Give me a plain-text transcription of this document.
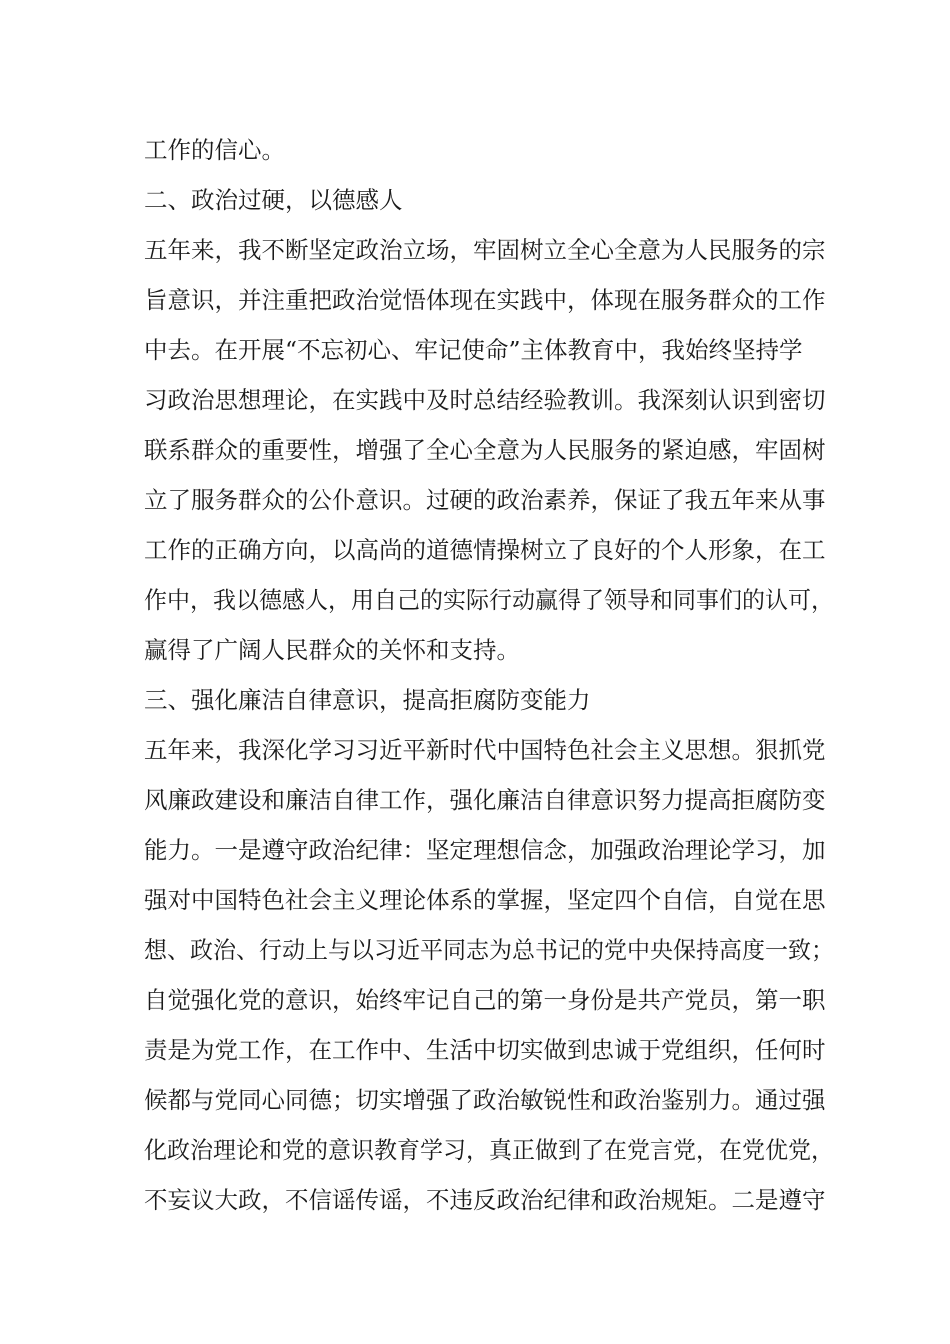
工作的信心。
二、政治过硬，以德感人
五年来，我不断坚定政治立场，牢固树立全心全意为人民服务的宗
旨意识，并注重把政治觉悟体现在实践中，体现在服务群众的工作
中去。在开展“不忘初心、牢记使命”主体教育中，我始终坚持学
习政治思想理论，在实践中及时总结经验教训。我深刻认识到密切
联系群众的重要性，增强了全心全意为人民服务的紧迫感，牢固树
立了服务群众的公仆意识。过硬的政治素养，保证了我五年来从事
工作的正确方向，以高尚的道德情操树立了良好的个人形象，在工
作中，我以德感人，用自己的实际行动赢得了领导和同事们的认可，
赢得了广阔人民群众的关怀和支持。
三、强化廉洁自律意识，提高拒腐防变能力
五年来，我深化学习习近平新时代中国特色社会主义思想。狠抓党
风廉政建设和廉洁自律工作，强化廉洁自律意识努力提高拒腐防变
能力。一是遵守政治纪律：坚定理想信念，加强政治理论学习，加
强对中国特色社会主义理论体系的掌握，坚定四个自信，自觉在思
想、政治、行动上与以习近平同志为总书记的党中央保持高度一致；
自觉强化党的意识，始终牢记自己的第一身份是共产党员，第一职
责是为党工作，在工作中、生活中切实做到忠诚于党组织，任何时
候都与党同心同德；切实增强了政治敏锐性和政治鉴别力。通过强
化政治理论和党的意识教育学习，真正做到了在党言党，在党优党，
不妄议大政，不信谣传谣，不违反政治纪律和政治规矩。二是遵守
